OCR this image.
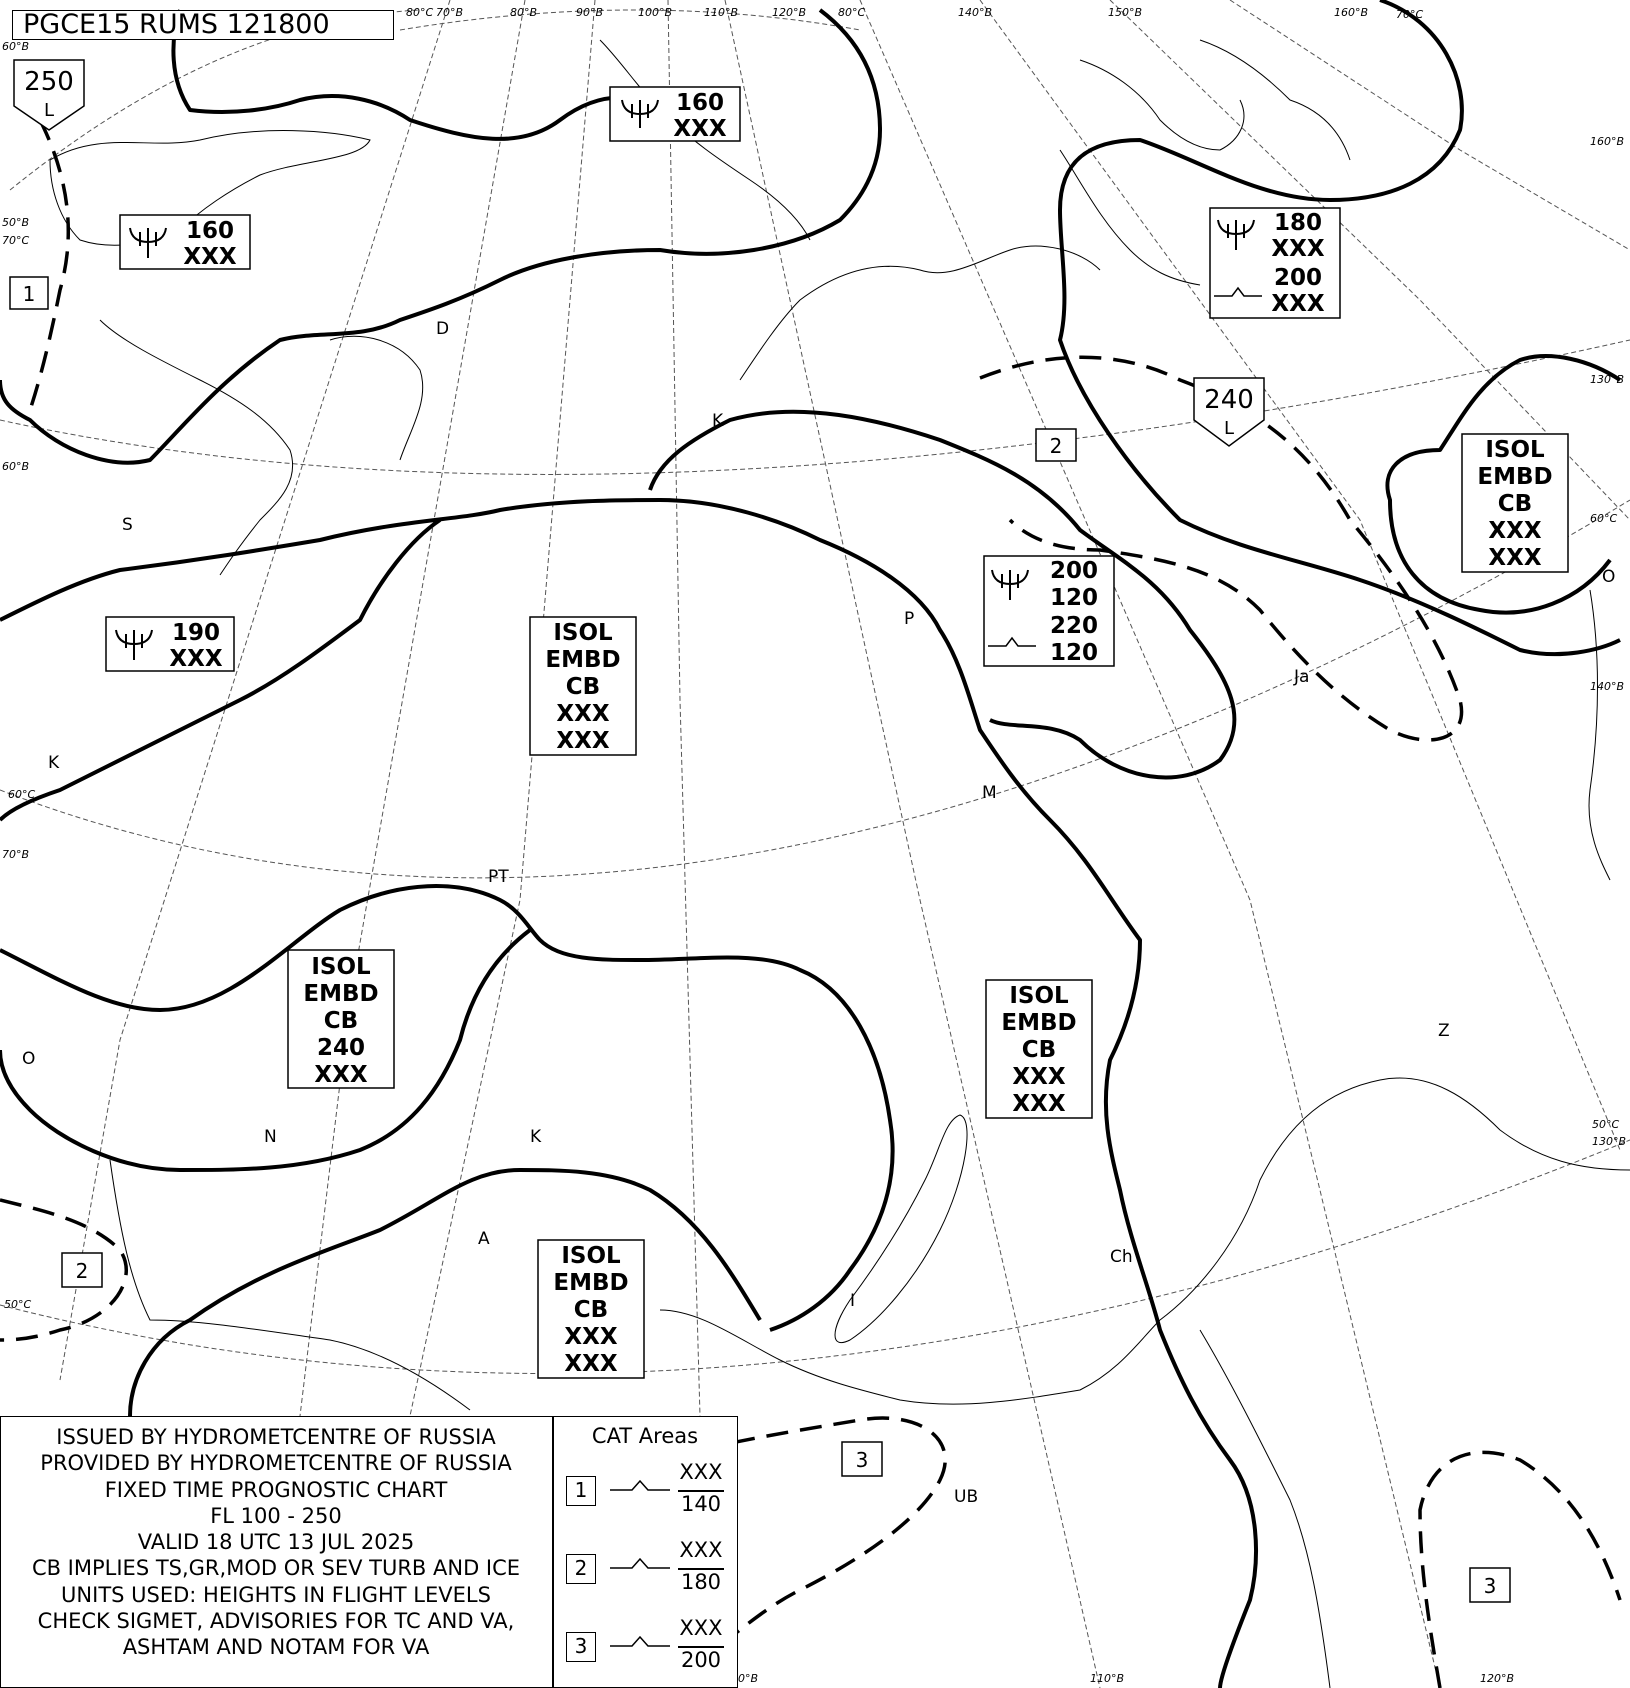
80°C 70°B	80°B	90°B	100°B	110°B	120°B	80°C	140°B	150°B	160°B	70°C
160°B
60°B
50°B
70°C
60°B
130°B
60°C
140°B
60°C
70°B
50°C
130°B
50°C
0°B	110°B	120°B
S
K
K
D
P
M
PT
O
N	K
A
I
Ch
Z
Ja
O
UB
250
L
240
L
1
2
2
3
3
160
XXX
160
XXX
190
XXX
180
XXX
200
XXX
200
120
220
120
ISOL
EMBD
CB
XXX
XXX
ISOL
EMBD
CB
240
XXX
ISOL
EMBD
CB
XXX
XXX
ISOL
EMBD
CB
XXX
XXX
ISOL
EMBD
CB
XXX
XXX
PGCE15 RUMS 121800
ISSUED BY HYDROMETCENTRE OF RUSSIA
PROVIDED BY HYDROMETCENTRE OF RUSSIA
FIXED TIME PROGNOSTIC CHART
FL 100 - 250
VALID 18 UTC 13 JUL 2025
CB IMPLIES TS,GR,MOD OR SEV TURB AND ICE
UNITS USED: HEIGHTS IN FLIGHT LEVELS
CHECK SIGMET, ADVISORIES FOR TC AND VA,
ASHTAM AND NOTAM FOR VA
CAT Areas
1
XXX
140
2
XXX
180
3
XXX
200
